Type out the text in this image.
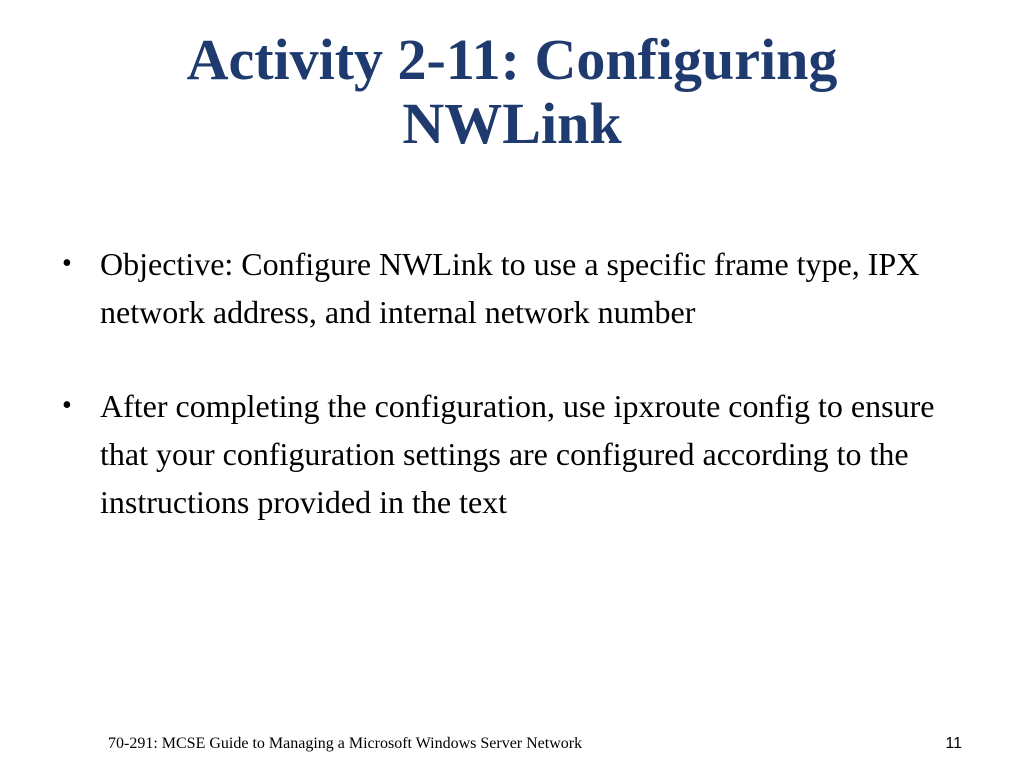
Activity 2-11: Configuring
NWLink
• Objective: Configure NWLink to use a specific frame type, IPX network address, and internal network number
• After completing the configuration, use ipxroute config to ensure that your configuration settings are configured according to the instructions provided in the text
70-291: MCSE Guide to Managing a Microsoft Windows Server Network	11
